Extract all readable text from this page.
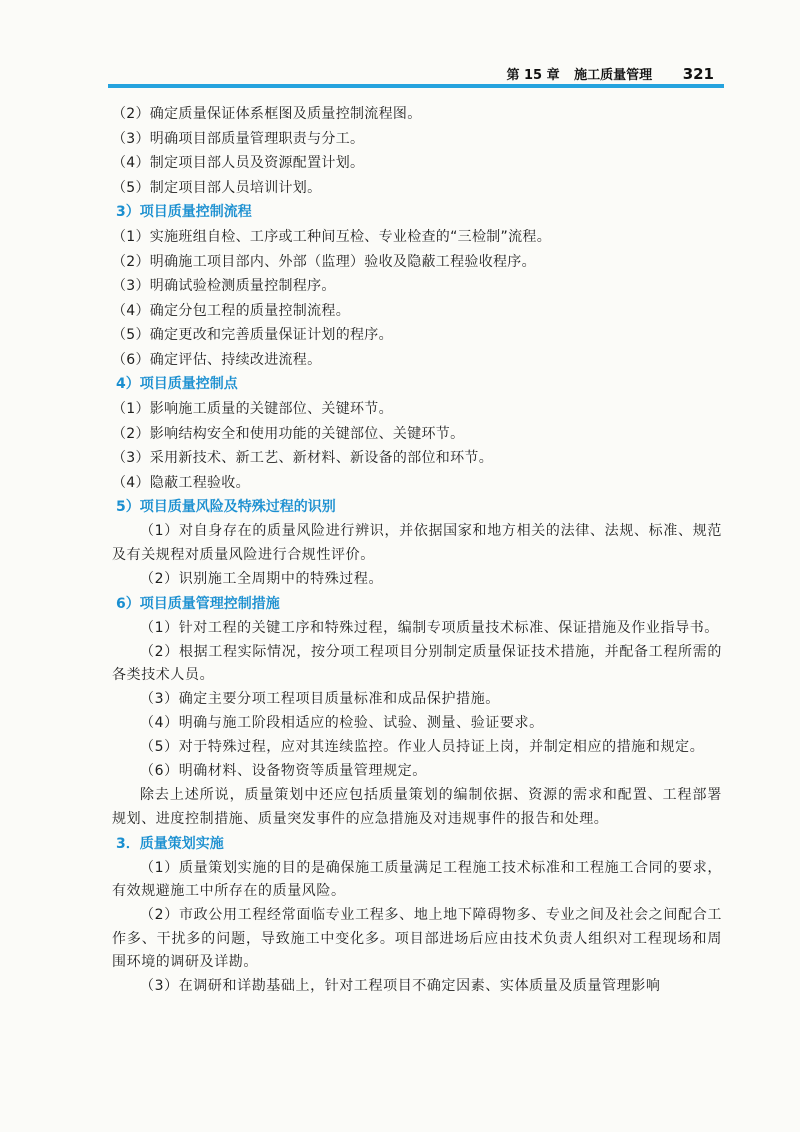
第 15 章 施工质量管理 321
（2）确定质量保证体系框图及质量控制流程图。
（3）明确项目部质量管理职责与分工。
（4）制定项目部人员及资源配置计划。
（5）制定项目部人员培训计划。
3）项目质量控制流程
（1）实施班组自检、工序或工种间互检、专业检查的“三检制”流程。
（2）明确施工项目部内、外部（监理）验收及隐蔽工程验收程序。
（3）明确试验检测质量控制程序。
（4）确定分包工程的质量控制流程。
（5）确定更改和完善质量保证计划的程序。
（6）确定评估、持续改进流程。
4）项目质量控制点
（1）影响施工质量的关键部位、关键环节。
（2）影响结构安全和使用功能的关键部位、关键环节。
（3）采用新技术、新工艺、新材料、新设备的部位和环节。
（4）隐蔽工程验收。
5）项目质量风险及特殊过程的识别
（1）对自身存在的质量风险进行辨识，并依据国家和地方相关的法律、法规、标准、规范及有关规程对质量风险进行合规性评价。
（2）识别施工全周期中的特殊过程。
6）项目质量管理控制措施
（1）针对工程的关键工序和特殊过程，编制专项质量技术标准、保证措施及作业指导书。
（2）根据工程实际情况，按分项工程项目分别制定质量保证技术措施，并配备工程所需的各类技术人员。
（3）确定主要分项工程项目质量标准和成品保护措施。
（4）明确与施工阶段相适应的检验、试验、测量、验证要求。
（5）对于特殊过程，应对其连续监控。作业人员持证上岗，并制定相应的措施和规定。
（6）明确材料、设备物资等质量管理规定。
除去上述所说，质量策划中还应包括质量策划的编制依据、资源的需求和配置、工程部署规划、进度控制措施、质量突发事件的应急措施及对违规事件的报告和处理。
3．质量策划实施
（1）质量策划实施的目的是确保施工质量满足工程施工技术标准和工程施工合同的要求，有效规避施工中所存在的质量风险。
（2）市政公用工程经常面临专业工程多、地上地下障碍物多、专业之间及社会之间配合工作多、干扰多的问题，导致施工中变化多。项目部进场后应由技术负责人组织对工程现场和周围环境的调研及详勘。
（3）在调研和详勘基础上，针对工程项目不确定因素、实体质量及质量管理影响
